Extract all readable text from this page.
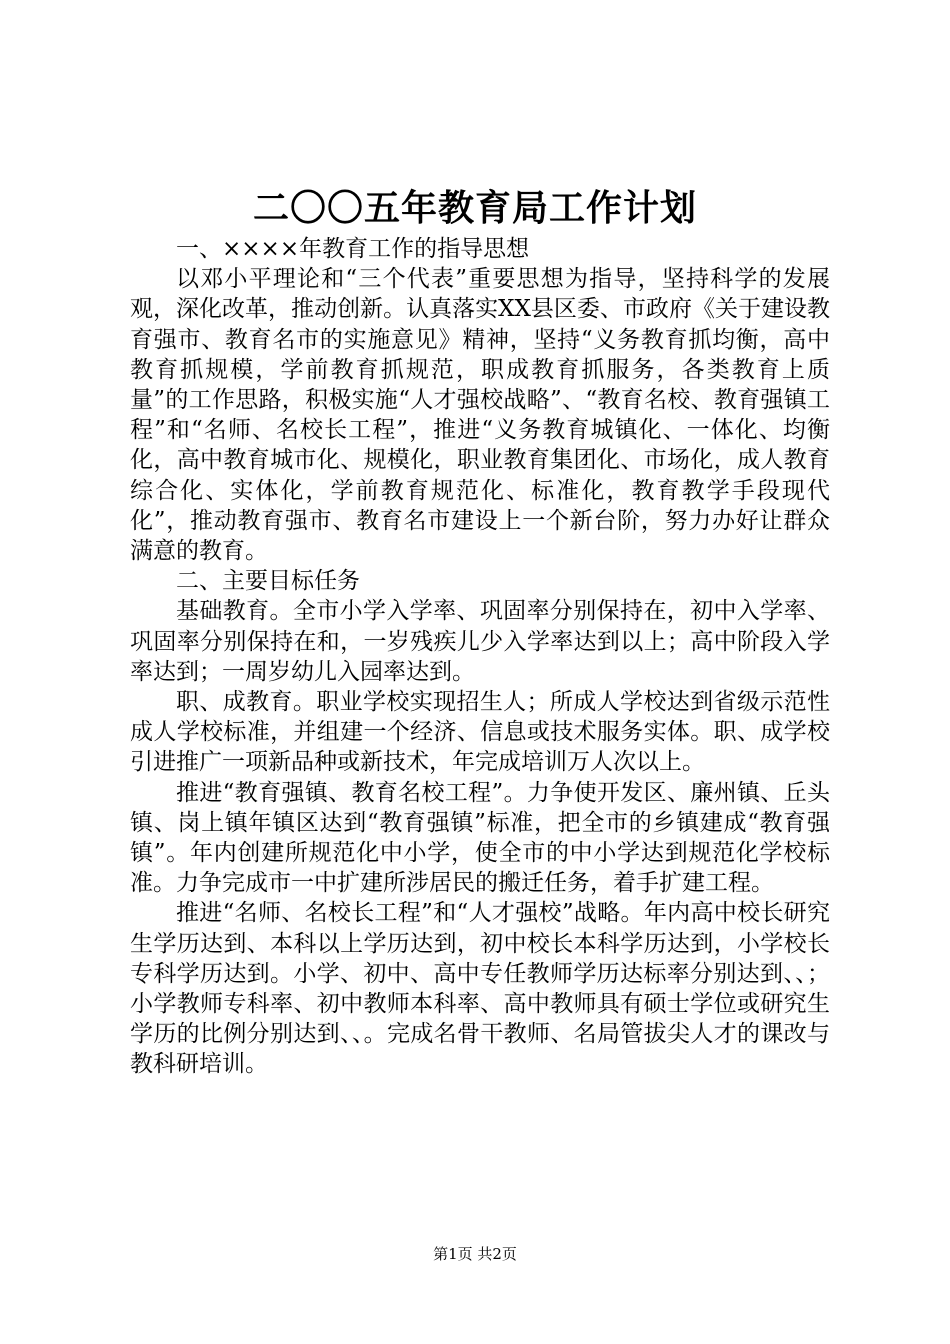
二〇〇五年教育局工作计划

一、××××年教育工作的指导思想

以邓小平理论和“三个代表”重要思想为指导，坚持科学的发展观，深化改革，推动创新。认真落实XX县区委、市政府《关于建设教育强市、教育名市的实施意见》精神，坚持“义务教育抓均衡，高中教育抓规模，学前教育抓规范，职成教育抓服务，各类教育上质量”的工作思路，积极实施“人才强校战略”、“教育名校、教育强镇工程”和“名师、名校长工程”，推进“义务教育城镇化、一体化、均衡化，高中教育城市化、规模化，职业教育集团化、市场化，成人教育综合化、实体化，学前教育规范化、标准化，教育教学手段现代化”，推动教育强市、教育名市建设上一个新台阶，努力办好让群众满意的教育。

二、主要目标任务

基础教育。全市小学入学率、巩固率分别保持在，初中入学率、巩固率分别保持在和，一岁残疾儿少入学率达到以上；高中阶段入学率达到；一周岁幼儿入园率达到。

职、成教育。职业学校实现招生人；所成人学校达到省级示范性成人学校标准，并组建一个经济、信息或技术服务实体。职、成学校引进推广一项新品种或新技术，年完成培训万人次以上。

推进“教育强镇、教育名校工程”。力争使开发区、廉州镇、丘头镇、岗上镇年镇区达到“教育强镇”标准，把全市的乡镇建成“教育强镇”。年内创建所规范化中小学，使全市的中小学达到规范化学校标准。力争完成市一中扩建所涉居民的搬迁任务，着手扩建工程。

推进“名师、名校长工程”和“人才强校”战略。年内高中校长研究生学历达到、本科以上学历达到，初中校长本科学历达到，小学校长专科学历达到。小学、初中、高中专任教师学历达标率分别达到、、；小学教师专科率、初中教师本科率、高中教师具有硕士学位或研究生学历的比例分别达到、、。完成名骨干教师、名局管拔尖人才的课改与教科研培训。

第1页 共2页
